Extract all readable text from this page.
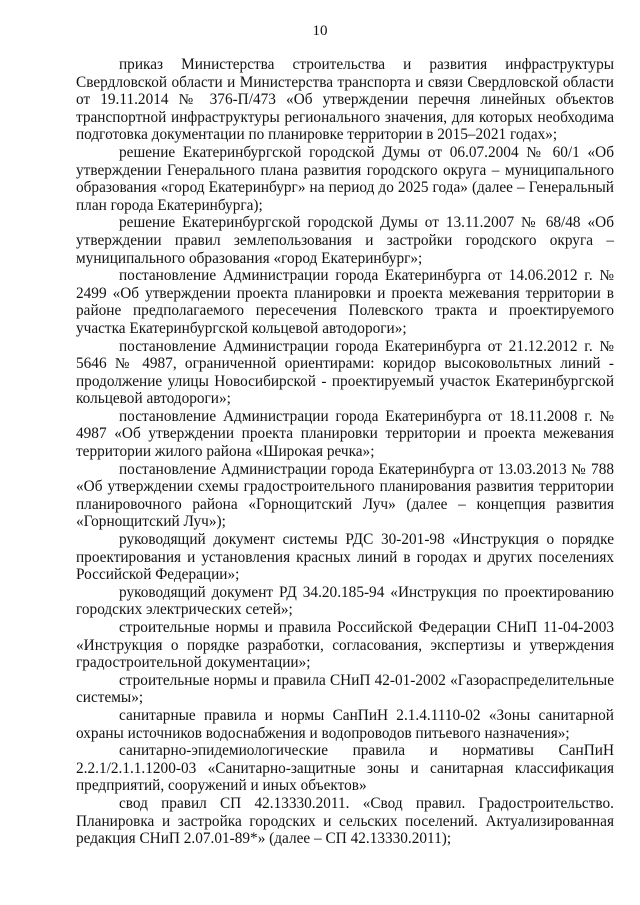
10

приказ Министерства строительства и развития инфраструктуры Свердловской области и Министерства транспорта и связи Свердловской области от 19.11.2014 № 376-П/473 «Об утверждении перечня линейных объектов транспортной инфраструктуры регионального значения, для которых необходима подготовка документации по планировке территории в 2015–2021 годах»;

решение Екатеринбургской городской Думы от 06.07.2004 № 60/1 «Об утверждении Генерального плана развития городского округа – муниципального образования «город Екатеринбург» на период до 2025 года» (далее – Генеральный план города Екатеринбурга);

решение Екатеринбургской городской Думы от 13.11.2007 № 68/48 «Об утверждении правил землепользования и застройки городского округа – муниципального образования «город Екатеринбург»;

постановление Администрации города Екатеринбурга от 14.06.2012 г. № 2499 «Об утверждении проекта планировки и проекта межевания территории в районе предполагаемого пересечения Полевского тракта и проектируемого участка Екатеринбургской кольцевой автодороги»;

постановление Администрации города Екатеринбурга от 21.12.2012 г. № 5646 № 4987, ограниченной ориентирами: коридор высоковольтных линий - продолжение улицы Новосибирской - проектируемый участок Екатеринбургской кольцевой автодороги»;

постановление Администрации города Екатеринбурга от 18.11.2008 г. № 4987 «Об утверждении проекта планировки территории и проекта межевания территории жилого района «Широкая речка»;

постановление Администрации города Екатеринбурга от 13.03.2013 № 788 «Об утверждении схемы градостроительного планирования развития территории планировочного района «Горнощитский Луч» (далее – концепция развития «Горнощитский Луч»);

руководящий документ системы РДС 30-201-98 «Инструкция о порядке проектирования и установления красных линий в городах и других поселениях Российской Федерации»;

руководящий документ РД 34.20.185-94 «Инструкция по проектированию городских электрических сетей»;

строительные нормы и правила Российской Федерации СНиП 11-04-2003 «Инструкция о порядке разработки, согласования, экспертизы и утверждения градостроительной документации»;

строительные нормы и правила СНиП 42-01-2002 «Газораспределительные системы»;

санитарные правила и нормы СанПиН 2.1.4.1110-02 «Зоны санитарной охраны источников водоснабжения и водопроводов питьевого назначения»;

санитарно-эпидемиологические правила и нормативы СанПиН 2.2.1/2.1.1.1200-03 «Санитарно-защитные зоны и санитарная классификация предприятий, сооружений и иных объектов»

свод правил СП 42.13330.2011. «Свод правил. Градостроительство. Планировка и застройка городских и сельских поселений. Актуализированная редакция СНиП 2.07.01-89*» (далее – СП 42.13330.2011);
